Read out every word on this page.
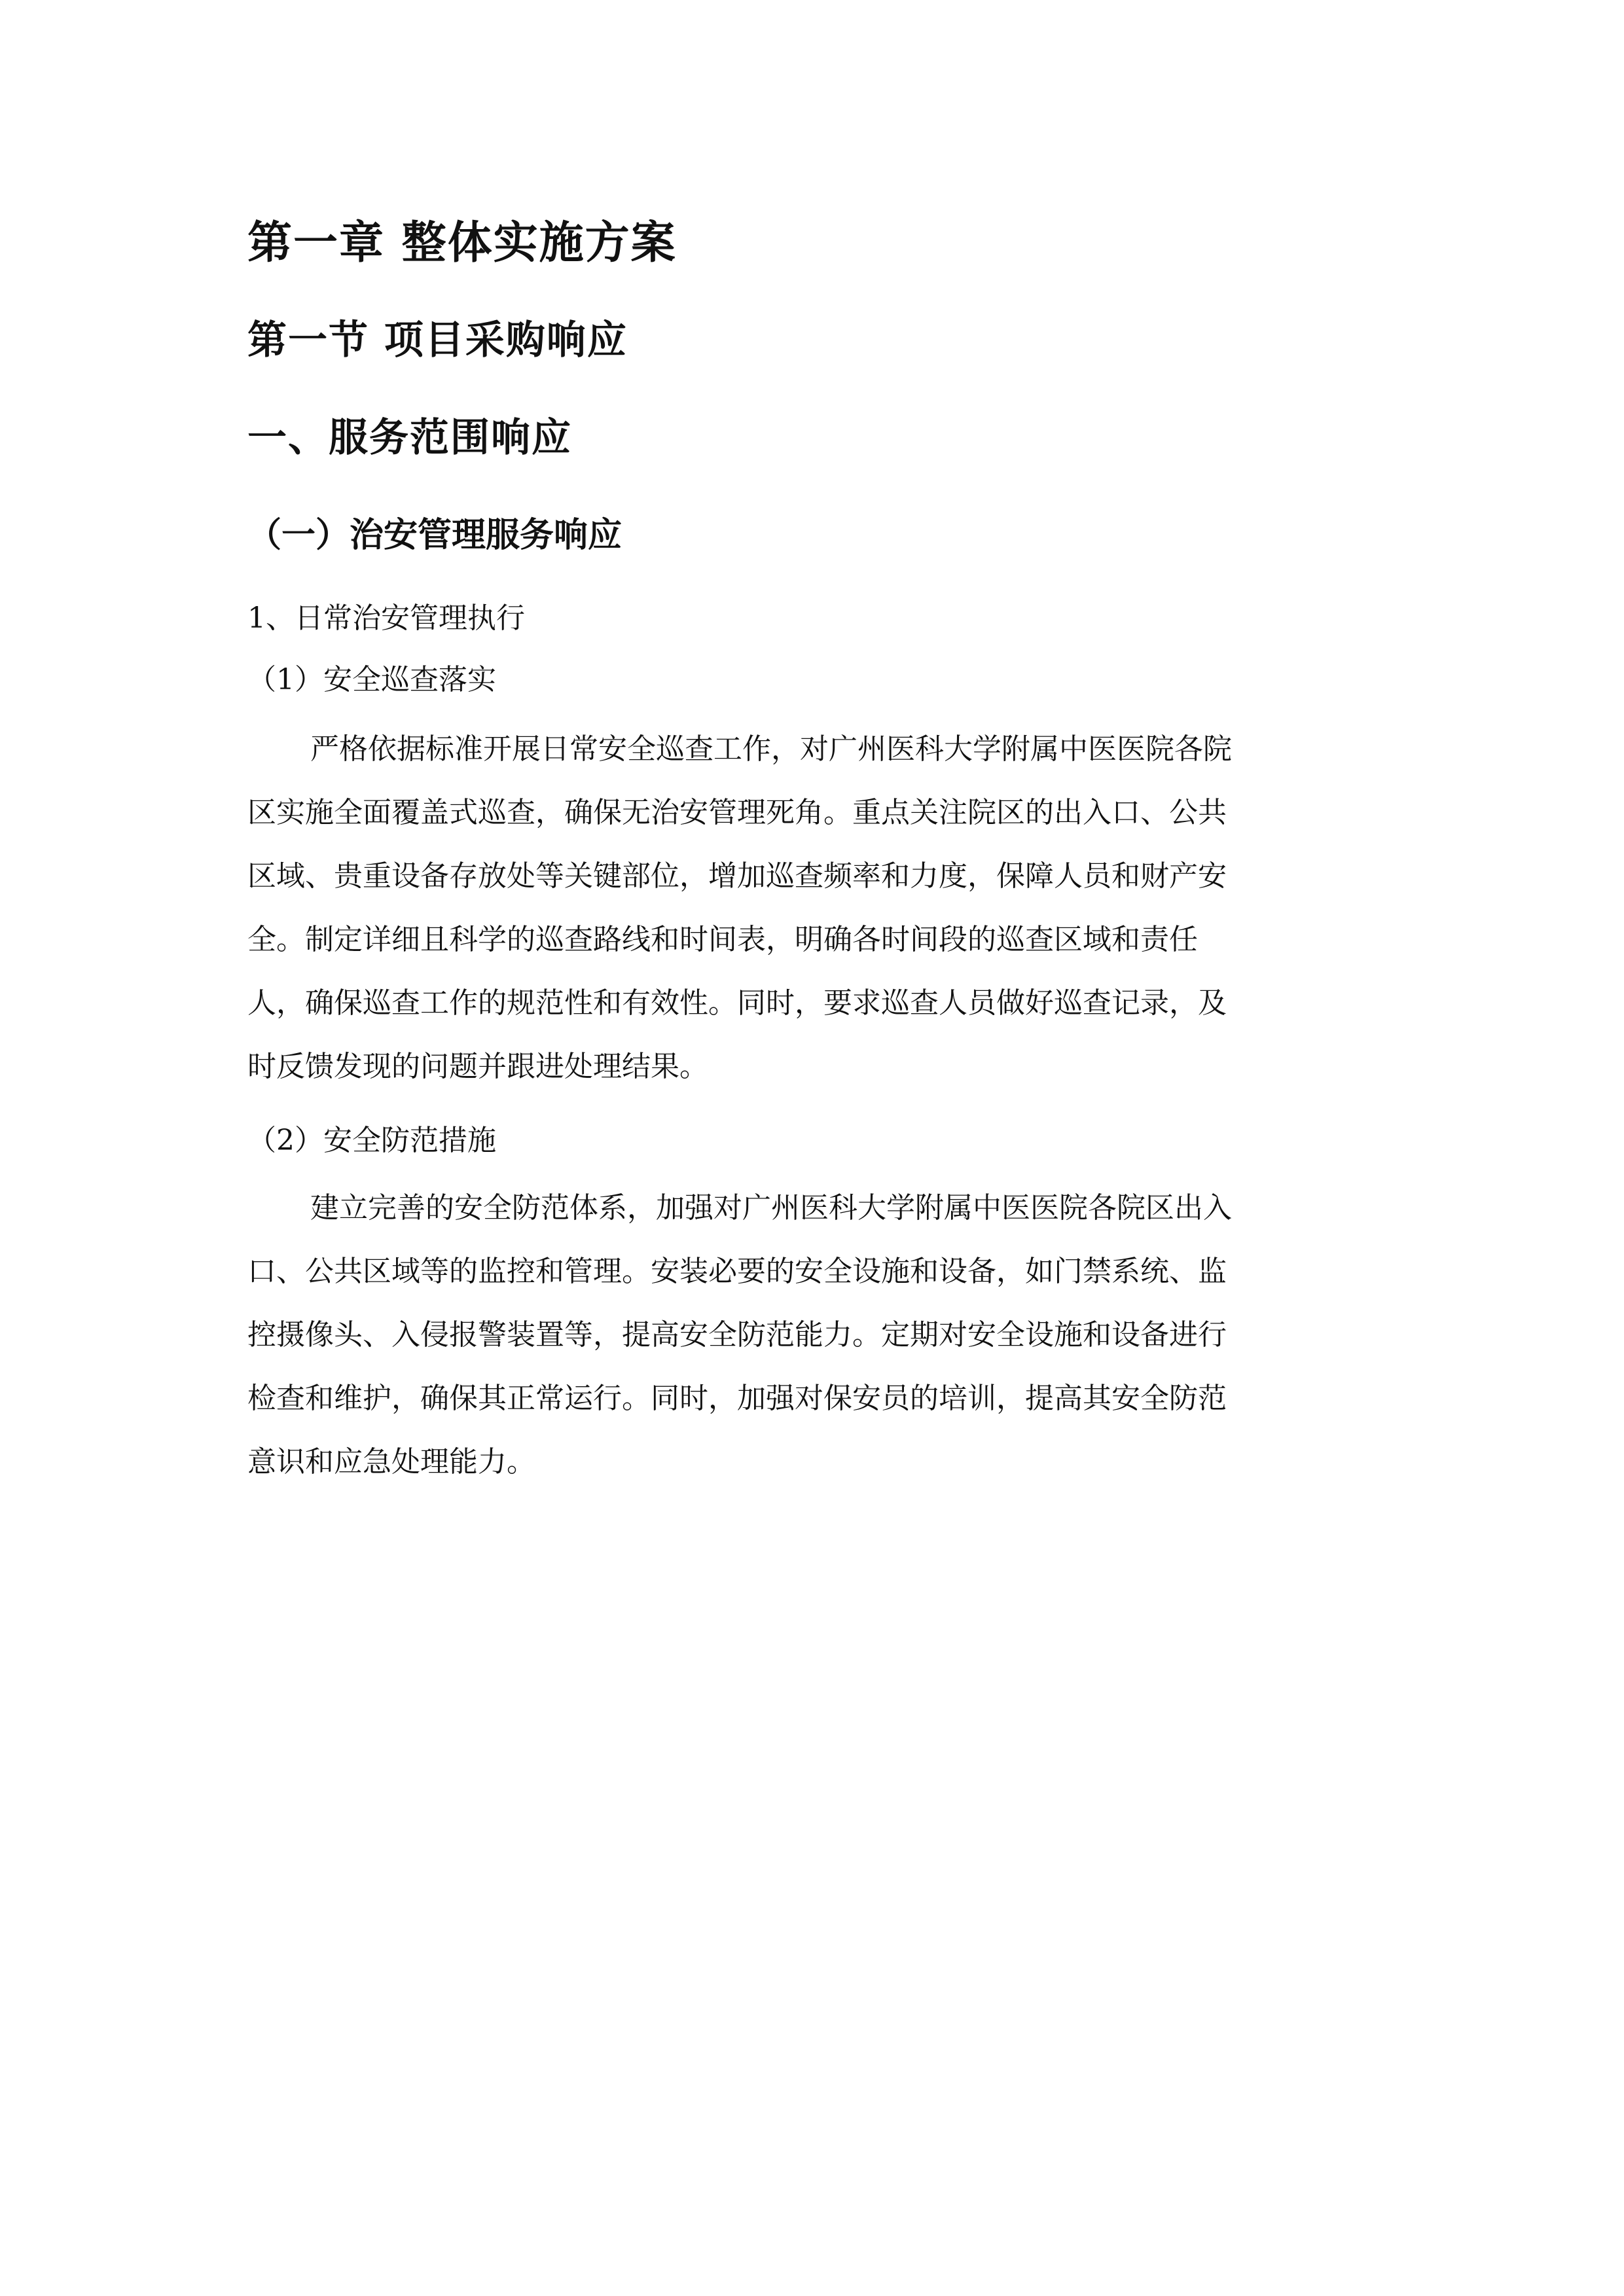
第一章 整体实施方案
第一节 项目采购响应
一、服务范围响应
（一）治安管理服务响应
1、日常治安管理执行
（1）安全巡查落实
严格依据标准开展日常安全巡查工作，对广州医科大学附属中医医院各院
区实施全面覆盖式巡查，确保无治安管理死角。重点关注院区的出入口、公共
区域、贵重设备存放处等关键部位，增加巡查频率和力度，保障人员和财产安
全。制定详细且科学的巡查路线和时间表，明确各时间段的巡查区域和责任
人，确保巡查工作的规范性和有效性。同时，要求巡查人员做好巡查记录，及
时反馈发现的问题并跟进处理结果。
（2）安全防范措施
建立完善的安全防范体系，加强对广州医科大学附属中医医院各院区出入
口、公共区域等的监控和管理。安装必要的安全设施和设备，如门禁系统、监
控摄像头、入侵报警装置等，提高安全防范能力。定期对安全设施和设备进行
检查和维护，确保其正常运行。同时，加强对保安员的培训，提高其安全防范
意识和应急处理能力。
